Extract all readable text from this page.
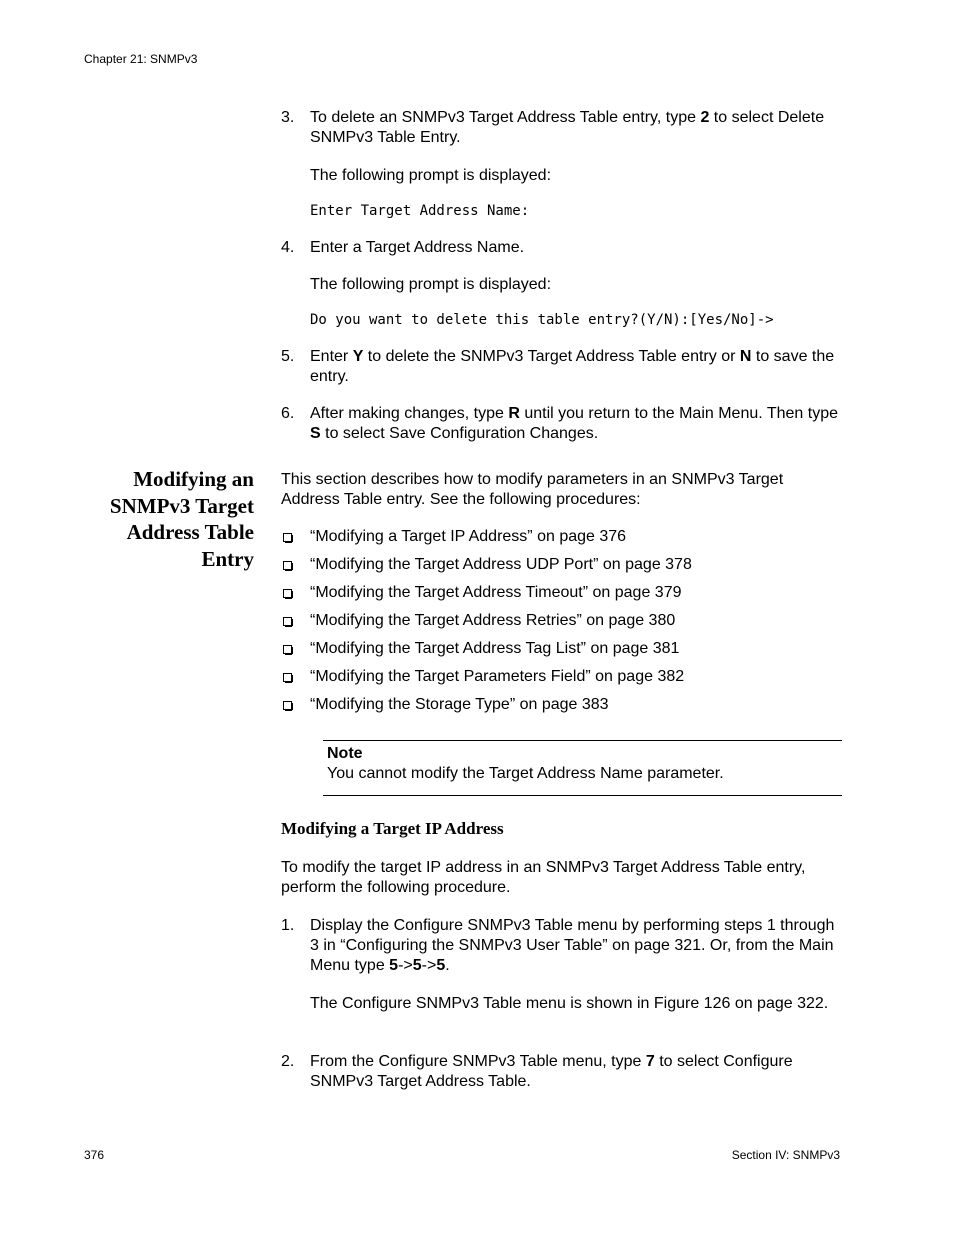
Chapter 21: SNMPv3
3. To delete an SNMPv3 Target Address Table entry, type 2 to select Delete SNMPv3 Table Entry.
The following prompt is displayed:
Enter Target Address Name:
4. Enter a Target Address Name.
The following prompt is displayed:
Do you want to delete this table entry?(Y/N):[Yes/No]->
5. Enter Y to delete the SNMPv3 Target Address Table entry or N to save the entry.
6. After making changes, type R until you return to the Main Menu. Then type S to select Save Configuration Changes.
Modifying an
SNMPv3 Target
Address Table
Entry
This section describes how to modify parameters in an SNMPv3 Target Address Table entry. See the following procedures:
“Modifying a Target IP Address” on page 376
“Modifying the Target Address UDP Port” on page 378
“Modifying the Target Address Timeout” on page 379
“Modifying the Target Address Retries” on page 380
“Modifying the Target Address Tag List” on page 381
“Modifying the Target Parameters Field” on page 382
“Modifying the Storage Type” on page 383
Note
You cannot modify the Target Address Name parameter.
Modifying a Target IP Address
To modify the target IP address in an SNMPv3 Target Address Table entry, perform the following procedure.
1. Display the Configure SNMPv3 Table menu by performing steps 1 through 3 in “Configuring the SNMPv3 User Table” on page 321. Or, from the Main Menu type 5->5->5.
The Configure SNMPv3 Table menu is shown in Figure 126 on page 322.
2. From the Configure SNMPv3 Table menu, type 7 to select Configure SNMPv3 Target Address Table.
376	Section IV: SNMPv3
